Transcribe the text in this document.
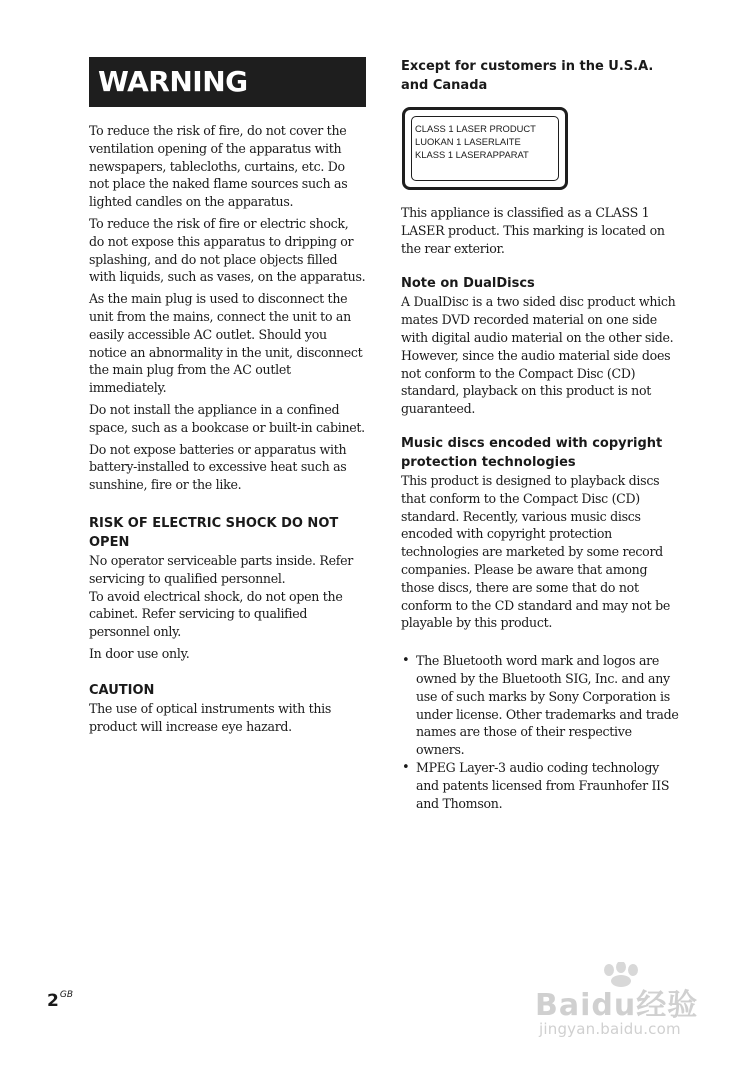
WARNING

To reduce the risk of fire, do not cover the ventilation opening of the apparatus with newspapers, tablecloths, curtains, etc. Do not place the naked flame sources such as lighted candles on the apparatus.

To reduce the risk of fire or electric shock, do not expose this apparatus to dripping or splashing, and do not place objects filled with liquids, such as vases, on the apparatus.

As the main plug is used to disconnect the unit from the mains, connect the unit to an easily accessible AC outlet. Should you notice an abnormality in the unit, disconnect the main plug from the AC outlet immediately.

Do not install the appliance in a confined space, such as a bookcase or built-in cabinet.

Do not expose batteries or apparatus with battery-installed to excessive heat such as sunshine, fire or the like.

RISK OF ELECTRIC SHOCK DO NOT OPEN

No operator serviceable parts inside. Refer servicing to qualified personnel.

To avoid electrical shock, do not open the cabinet. Refer servicing to qualified personnel only.

In door use only.

CAUTION

The use of optical instruments with this product will increase eye hazard.

Except for customers in the U.S.A. and Canada

CLASS 1 LASER PRODUCT
LUOKAN 1 LASERLAITE
KLASS 1 LASERAPPARAT

This appliance is classified as a CLASS 1 LASER product. This marking is located on the rear exterior.

Note on DualDiscs

A DualDisc is a two sided disc product which mates DVD recorded material on one side with digital audio material on the other side. However, since the audio material side does not conform to the Compact Disc (CD) standard, playback on this product is not guaranteed.

Music discs encoded with copyright protection technologies

This product is designed to playback discs that conform to the Compact Disc (CD) standard. Recently, various music discs encoded with copyright protection technologies are marketed by some record companies. Please be aware that among those discs, there are some that do not conform to the CD standard and may not be playable by this product.

• The Bluetooth word mark and logos are owned by the Bluetooth SIG, Inc. and any use of such marks by Sony Corporation is under license. Other trademarks and trade names are those of their respective owners.
• MPEG Layer-3 audio coding technology and patents licensed from Fraunhofer IIS and Thomson.
$2^{GB}$	Baidu经验
jingyan.baidu.com
